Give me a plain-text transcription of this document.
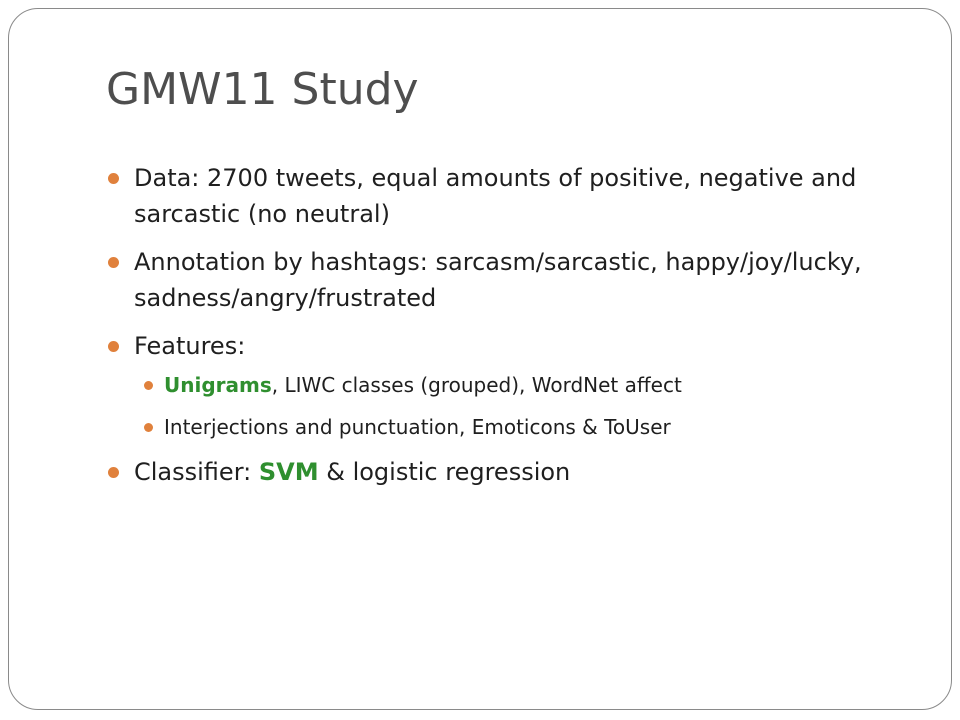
GMW11 Study
Data: 2700 tweets, equal amounts of positive, negative and sarcastic (no neutral)
Annotation by hashtags: sarcasm/sarcastic, happy/joy/lucky, sadness/angry/frustrated
Features:
Unigrams, LIWC classes (grouped), WordNet affect
Interjections and punctuation, Emoticons & ToUser
Classifier: SVM & logistic regression
